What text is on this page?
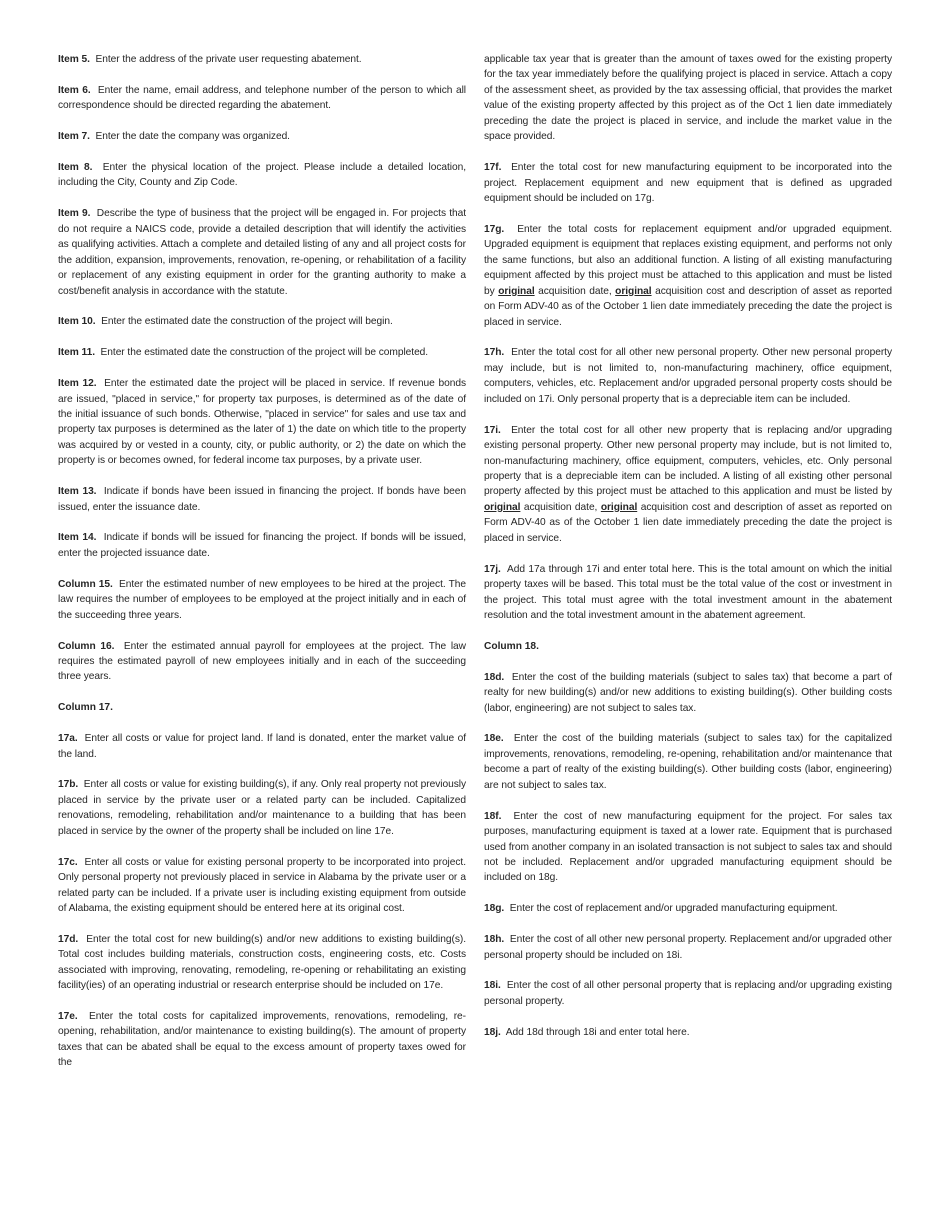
Item 5. Enter the address of the private user requesting abatement.

Item 6. Enter the name, email address, and telephone number of the person to which all correspondence should be directed regarding the abatement.

Item 7. Enter the date the company was organized.

Item 8. Enter the physical location of the project. Please include a detailed location, including the City, County and Zip Code.

Item 9. Describe the type of business that the project will be engaged in. For projects that do not require a NAICS code, provide a detailed description that will identify the activities as qualifying activities. Attach a complete and detailed listing of any and all project costs for the addition, expansion, improvements, renovation, re-opening, or rehabilitation of a facility or replacement of any existing equipment in order for the granting authority to make a cost/benefit analysis in accordance with the statute.

Item 10. Enter the estimated date the construction of the project will begin.

Item 11. Enter the estimated date the construction of the project will be completed.

Item 12. Enter the estimated date the project will be placed in service. If revenue bonds are issued, "placed in service," for property tax purposes, is determined as of the date of the initial issuance of such bonds. Otherwise, "placed in service" for sales and use tax and property tax purposes is determined as the later of 1) the date on which title to the property was acquired by or vested in a county, city, or public authority, or 2) the date on which the property is or becomes owned, for federal income tax purposes, by a private user.

Item 13. Indicate if bonds have been issued in financing the project. If bonds have been issued, enter the issuance date.

Item 14. Indicate if bonds will be issued for financing the project. If bonds will be issued, enter the projected issuance date.

Column 15. Enter the estimated number of new employees to be hired at the project. The law requires the number of employees to be employed at the project initially and in each of the succeeding three years.

Column 16. Enter the estimated annual payroll for employees at the project. The law requires the estimated payroll of new employees initially and in each of the succeeding three years.

Column 17.

17a. Enter all costs or value for project land. If land is donated, enter the market value of the land.

17b. Enter all costs or value for existing building(s), if any. Only real property not previously placed in service by the private user or a related party can be included. Capitalized renovations, remodeling, rehabilitation and/or maintenance to a building that has been placed in service by the owner of the property shall be included on line 17e.

17c. Enter all costs or value for existing personal property to be incorporated into project. Only personal property not previously placed in service in Alabama by the private user or a related party can be included. If a private user is including existing equipment from outside of Alabama, the existing equipment should be entered here at its original cost.

17d. Enter the total cost for new building(s) and/or new additions to existing building(s). Total cost includes building materials, construction costs, engineering costs, etc. Costs associated with improving, renovating, remodeling, re-opening or rehabilitating an existing facility(ies) of an operating industrial or research enterprise should be included on 17e.

17e. Enter the total costs for capitalized improvements, renovations, remodeling, re-opening, rehabilitation, and/or maintenance to existing building(s). The amount of property taxes that can be abated shall be equal to the excess amount of property taxes owed for the

applicable tax year that is greater than the amount of taxes owed for the existing property for the tax year immediately before the qualifying project is placed in service. Attach a copy of the assessment sheet, as provided by the tax assessing official, that provides the market value of the existing property affected by this project as of the Oct 1 lien date immediately preceding the date the project is placed in service, and include the market value in the space provided.

17f. Enter the total cost for new manufacturing equipment to be incorporated into the project. Replacement equipment and new equipment that is defined as upgraded equipment should be included on 17g.

17g. Enter the total costs for replacement equipment and/or upgraded equipment. Upgraded equipment is equipment that replaces existing equipment, and performs not only the same functions, but also an additional function. A listing of all existing manufacturing equipment affected by this project must be attached to this application and must be listed by original acquisition date, original acquisition cost and description of asset as reported on Form ADV-40 as of the October 1 lien date immediately preceding the date the project is placed in service.

17h. Enter the total cost for all other new personal property. Other new personal property may include, but is not limited to, non-manufacturing machinery, office equipment, computers, vehicles, etc. Replacement and/or upgraded personal property costs should be included on 17i. Only personal property that is a depreciable item can be included.

17i. Enter the total cost for all other new property that is replacing and/or upgrading existing personal property. Other new personal property may include, but is not limited to, non-manufacturing machinery, office equipment, computers, vehicles, etc. Only personal property that is a depreciable item can be included. A listing of all existing other personal property affected by this project must be attached to this application and must be listed by original acquisition date, original acquisition cost and description of asset as reported on Form ADV-40 as of the October 1 lien date immediately preceding the date the project is placed in service.

17j. Add 17a through 17i and enter total here. This is the total amount on which the initial property taxes will be based. This total must be the total value of the cost or investment in the project. This total must agree with the total investment amount in the abatement resolution and the total investment amount in the abatement agreement.

Column 18.

18d. Enter the cost of the building materials (subject to sales tax) that become a part of realty for new building(s) and/or new additions to existing building(s). Other building costs (labor, engineering) are not subject to sales tax.

18e. Enter the cost of the building materials (subject to sales tax) for the capitalized improvements, renovations, remodeling, re-opening, rehabilitation and/or maintenance that become a part of realty of the existing building(s). Other building costs (labor, engineering) are not subject to sales tax.

18f. Enter the cost of new manufacturing equipment for the project. For sales tax purposes, manufacturing equipment is taxed at a lower rate. Equipment that is purchased used from another company in an isolated transaction is not subject to sales tax and should not be included. Replacement and/or upgraded manufacturing equipment should be included on 18g.

18g. Enter the cost of replacement and/or upgraded manufacturing equipment.

18h. Enter the cost of all other new personal property. Replacement and/or upgraded other personal property should be included on 18i.

18i. Enter the cost of all other personal property that is replacing and/or upgrading existing personal property.

18j. Add 18d through 18i and enter total here.
